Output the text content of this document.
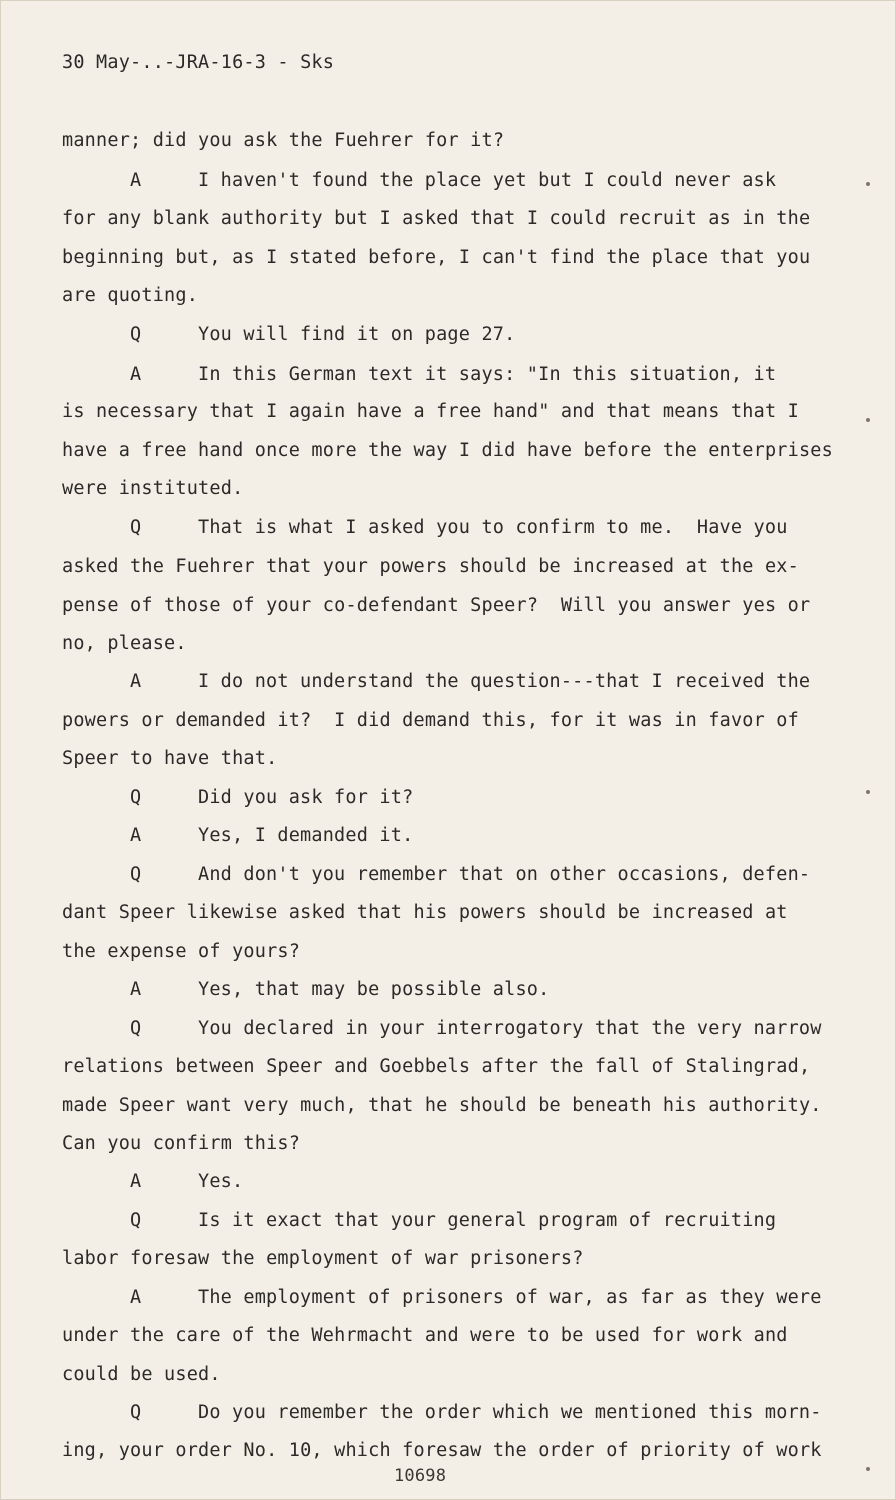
30 May-..-JRA-16-3 - Sks
manner; did you ask the Fuehrer for it?
A	I haven't found the place yet but I could never ask
for any blank authority but I asked that I could recruit as in the
beginning but, as I stated before, I can't find the place that you
are quoting.
Q	You will find it on page 27.
A	In this German text it says: "In this situation, it
is necessary that I again have a free hand" and that means that I
have a free hand once more the way I did have before the enterprises
were instituted.
Q	That is what I asked you to confirm to me.  Have you
asked the Fuehrer that your powers should be increased at the ex-
pense of those of your co-defendant Speer?  Will you answer yes or
no, please.
A	I do not understand the question---that I received the
powers or demanded it?  I did demand this, for it was in favor of
Speer to have that.
Q	Did you ask for it?
A	Yes, I demanded it.
Q	And don't you remember that on other occasions, defen-
dant Speer likewise asked that his powers should be increased at
the expense of yours?
A	Yes, that may be possible also.
Q	You declared in your interrogatory that the very narrow
relations between Speer and Goebbels after the fall of Stalingrad,
made Speer want very much, that he should be beneath his authority.
Can you confirm this?
A	Yes.
Q	Is it exact that your general program of recruiting
labor foresaw the employment of war prisoners?
A	The employment of prisoners of war, as far as they were
under the care of the Wehrmacht and were to be used for work and
could be used.
Q	Do you remember the order which we mentioned this morn-
ing, your order No. 10, which foresaw the order of priority of work
10698
